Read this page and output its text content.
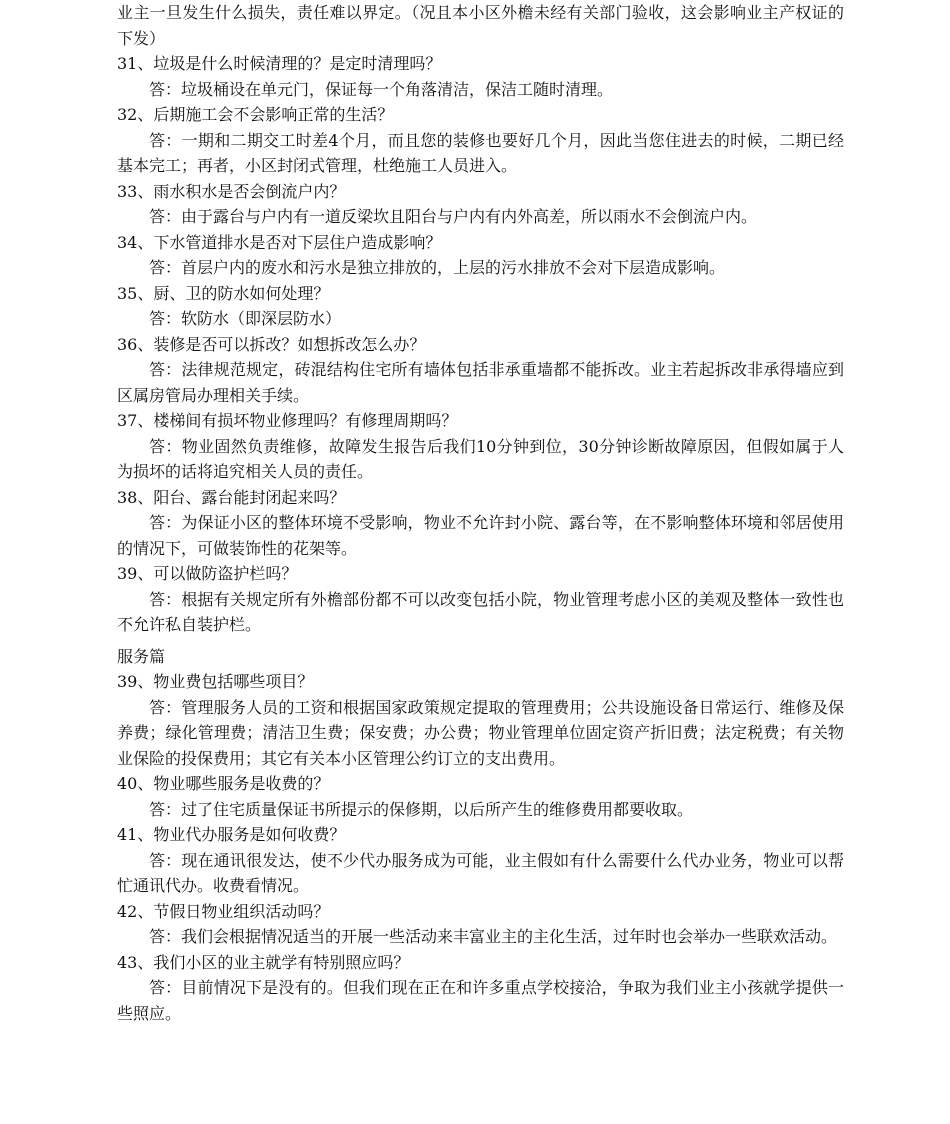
业主一旦发生什么损失，责任难以界定。（况且本小区外檐未经有关部门验收，这会影响业主产权证的下发）

31、垃圾是什么时候清理的？是定时清理吗？

答：垃圾桶设在单元门，保证每一个角落清洁，保洁工随时清理。

32、后期施工会不会影响正常的生活？

答：一期和二期交工时差4个月，而且您的装修也要好几个月，因此当您住进去的时候，二期已经基本完工；再者，小区封闭式管理，杜绝施工人员进入。

33、雨水积水是否会倒流户内？

答：由于露台与户内有一道反梁坎且阳台与户内有内外高差，所以雨水不会倒流户内。

34、下水管道排水是否对下层住户造成影响？

答：首层户内的废水和污水是独立排放的，上层的污水排放不会对下层造成影响。

35、厨、卫的防水如何处理？

答：软防水（即深层防水）

36、装修是否可以拆改？如想拆改怎么办？

答：法律规范规定，砖混结构住宅所有墙体包括非承重墙都不能拆改。业主若起拆改非承得墙应到区属房管局办理相关手续。

37、楼梯间有损坏物业修理吗？有修理周期吗？

答：物业固然负责维修，故障发生报告后我们10分钟到位，30分钟诊断故障原因，但假如属于人为损坏的话将追究相关人员的责任。

38、阳台、露台能封闭起来吗？

答：为保证小区的整体环境不受影响，物业不允许封小院、露台等，在不影响整体环境和邻居使用的情况下，可做装饰性的花架等。

39、可以做防盗护栏吗？

答：根据有关规定所有外檐部份都不可以改变包括小院，物业管理考虑小区的美观及整体一致性也不允许私自装护栏。

服务篇

39、物业费包括哪些项目？

答：管理服务人员的工资和根据国家政策规定提取的管理费用；公共设施设备日常运行、维修及保养费；绿化管理费；清洁卫生费；保安费；办公费；物业管理单位固定资产折旧费；法定税费；有关物业保险的投保费用；其它有关本小区管理公约订立的支出费用。

40、物业哪些服务是收费的？

答：过了住宅质量保证书所提示的保修期，以后所产生的维修费用都要收取。

41、物业代办服务是如何收费？

答：现在通讯很发达，使不少代办服务成为可能，业主假如有什么需要什么代办业务，物业可以帮忙通讯代办。收费看情况。

42、节假日物业组织活动吗？

答：我们会根据情况适当的开展一些活动来丰富业主的主化生活，过年时也会举办一些联欢活动。

43、我们小区的业主就学有特别照应吗？

答：目前情况下是没有的。但我们现在正在和许多重点学校接洽，争取为我们业主小孩就学提供一些照应。
